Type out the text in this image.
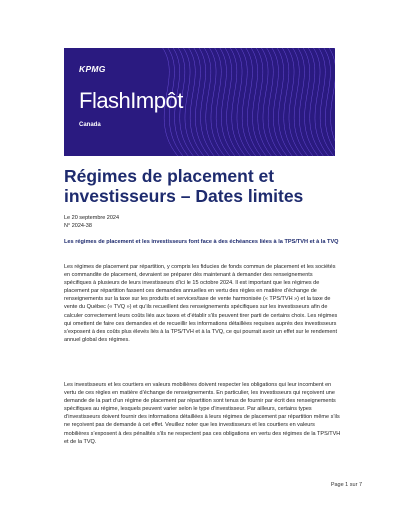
KPMG
FlashImpôt
Canada
Régimes de placement et investisseurs – Dates limites
Le 20 septembre 2024
N° 2024-38

Les régimes de placement et les investisseurs font face à des échéances liées à la TPS/TVH et à la TVQ

Les régimes de placement par répartition, y compris les fiducies de fonds commun de placement et les sociétés en commandite de placement, devraient se préparer dès maintenant à demander des renseignements spécifiques à plusieurs de leurs investisseurs d’ici le 15 octobre 2024. Il est important que les régimes de placement par répartition fassent ces demandes annuelles en vertu des règles en matière d’échange de renseignements sur la taxe sur les produits et services/taxe de vente harmonisée (« TPS/TVH ») et la taxe de vente du Québec (« TVQ ») et qu’ils recueillent des renseignements spécifiques sur les investisseurs afin de calculer correctement leurs coûts liés aux taxes et d’établir s’ils peuvent tirer parti de certains choix. Les régimes qui omettent de faire ces demandes et de recueillir les informations détaillées requises auprès des investisseurs s’exposent à des coûts plus élevés liés à la TPS/TVH et à la TVQ, ce qui pourrait avoir un effet sur le rendement annuel global des régimes.

Les investisseurs et les courtiers en valeurs mobilières doivent respecter les obligations qui leur incombent en vertu de ces règles en matière d’échange de renseignements. En particulier, les investisseurs qui reçoivent une demande de la part d’un régime de placement par répartition sont tenus de fournir par écrit des renseignements spécifiques au régime, lesquels peuvent varier selon le type d’investisseur. Par ailleurs, certains types d’investisseurs doivent fournir des informations détaillées à leurs régimes de placement par répartition même s’ils ne reçoivent pas de demande à cet effet. Veuillez noter que les investisseurs et les courtiers en valeurs mobilières s’exposent à des pénalités s’ils ne respectent pas ces obligations en vertu des régimes de la TPS/TVH et de la TVQ.

Page 1 sur 7
